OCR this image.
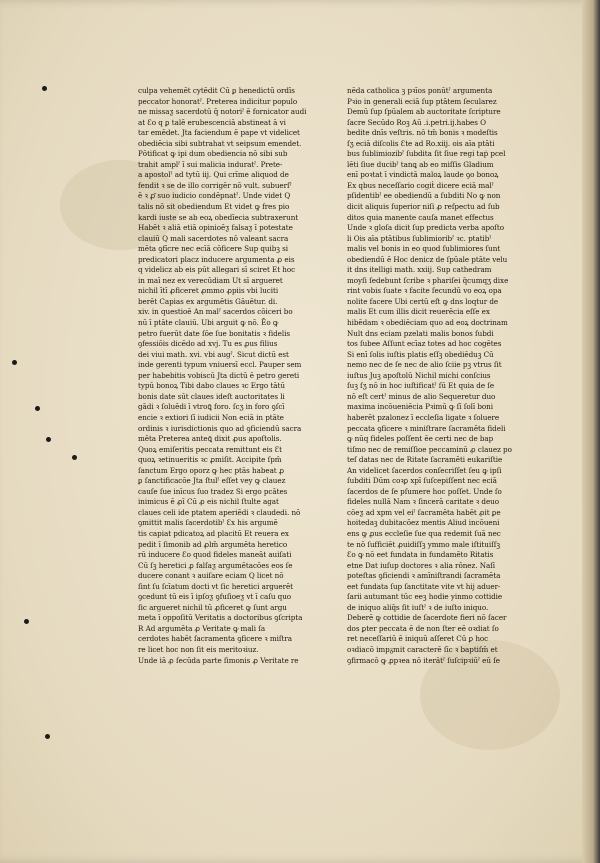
culpa vehemēt cytēdit Cū ꝑ henedictū ordīs
peccator honoratˀ. Preterea indicitur populo
ne missaƺ sacerdotū q̄ notoriˀ ē fornicator audi
at Ɛo q ꝑ talē erubescenciā abstineat ā vi
tar emēdet. Jta faciendum ē pape vt videlicet
obediēcia sibi subtrahat vt seipsum emendet.
Pōtificat ꝙ ipi dum obediencia nō sibi sub
trahit amplˀ ī sui malicia induratˀ. Prete-
a apostolˀ ad tytū iij. Qui crīme aliquod de
fendit ꝛ se de illo corrigēr nō vult. subuerſˀ
ē ꝛ ꝓ̄ suo iudicio condēpnatˀ. Unde videt Q
talis nō sit obediendum Et videt ꝙ fres pio
kardi iuste se ab eoꝝ obedīecia subtraxerunt
Habēt ꝛ aliā etiā opinioēƺ falsaƺ ī potestate
clauiū Q mali sacerdotes nō valeant sacra
mēta ꝯfīcre nec ecīā cōficere Sup quibꝫ si
predicatori placz inducere argumenta ꝓ eis
q videlicz ab eis pūt allegari sī sciret Et hoc
in maī nez ex verecūdiam Ut sī argueret
nichil ītī ꝓficeret ꝓmmo ꝓpiis vbi luciti
berēt Capias ex argumētis Gāuētur. di.
xiv. in questioē An malˀ sacerdos cōiceri bo
nū ī ptāte clauiū. Ubi arguit ꝙ nō. Ēo ꝙ
petro fuerūt date ſōe ſue bonitatis ꝛ fidelis
ꝯfessiōis dicēdo ad xvj. Tu es ꝓus filius
dei viui math. xvi. vbi augˀ. Sicut dictū est
inde gerenti typum vniuersī eccl. Pauper sem
per habebitis vobiscū Jta dictū ē petro gereti
typū bonoꝝ Tibi dabo claues ꝛc Ergo tātū
bonis date sūt claues ideſt auctoritates li
gādi ꝛ ſoluēdi ī vtroꝗ̄ foro. ſcʒ in foro ꝯſcī
encie ꝛ extiori ſī iudicii Non eciā in ptāte
ordinis ꝛ iurisdictionis quo ad ꝯficiendū sacra
mēta Preterea anteꝗ̄ dixit ꝓus apoſtolis.
Quoꝝ emiſeritis peccata remittunt eis Ɛt
quoꝝ ꝛetinueritis ꝛc ꝓmiſit. Accipite ſpm̄
ſanctum Ergo oporz ꝙ hec ptās habeat ꝓ
ꝑ ſanctificacōe Jta ſtulˀ eſſet vey ꝙ clauez
cauſe ſue inīcus ſuo tradez Si ergo pcātes
inimicus ē ꝓī Cū ꝓ eis nichil ſtulte agat
claues celi ide ptatem aperiēdi ꝛ claudedi. nō
ꝯmittit malis ſacerdotibˀ Ɛx his argumē
tis capiat pdicatoꝝ ad placitū Et reuera ex
pedit ī ſimonib ad ꝓlm̄ argumēta heretico
rū inducere Ɛo quod fideles maneāt auiſati
Cū ſꝫ heretici ꝓ falſaƺ argumētacōes eos ſe
ducere conant ꝛ auiſare eciam Q licet nō
ſint ſu ſcīatum docti vt ſic heretici arguerēt
ꝯcedunt tū eis ī ipſoƺ ꝯfuſioeƺ vt ī caſu quo
ſic argueret nichil tū ꝓficeret ꝙ ſunt argu
meta ī oppoſitū Veritatis a doctoribus ꝯſcripta
R Ad argumēta ꝓ Veritate ꝙ mali ſa
cerdotes habēt ſacramenta ꝯficere ꝛ miſtra
re licet hoc non ſit eis meritoꝛiuz.
Unde iā ꝓ ſecūda parte ſimonis ꝓ Veritate re
nēda catholica ꝫ pꝛīos ponūtˀ argumenta
Pꝛio in generali eciā ſup ptātem ſecularez
Demū ſup ſpūalem ab auctoritate ſcripture
ſacre Secūdo Roꝫ Aū .i.petri.ij.habes O
bedite dnīs veſtris. nō tm̄ bonis ꝛ modeſtis
ſʒ eciā diſcolis Ɛte ad Ro.xiij. ois aīa ptāti
bus ſublimiozibˀ ſubdita ſit ſiue regi taṗ pcel
lēti ſiue ducibˀ tanꝗ ab eo miſſis Gladium
enī poꝛtat ī vindictā maloꝝ laude ꝯo bonoꝝ
Ex qbus neceſſario cogiṫ dicere eciā malˀ
pſidentibˀ ee obediendū a ſubditi No ꝙ non
dicit aliquis ſuperior niſi ꝓ reſpectu ad ſub
ditos quia manente cauſa manet effectus
Unde ꝛ gloſa dicit ſup predicta verba apoſto
li Ois aīa ptātibus ſublimioribˀ ꝛc. ptatibˀ
malis vel bonis in eo quod ſublimiores ſunt
obediendū ē Hoc denicz de ſpūale ptāte velu
it dns itelligi math. xxiij. Sup cathedram
moyſi ſedebunt ſcribe ꝛ phariſei q̄cumqʒ dixe
rint vobis ſuate ꝛ facite ſecundū vo eoꝝ opa
nolite facere Ubi certū eſt ꝙ dns loqtur de
malis Et cum illis dicit reuerēcia eſſe ex
hibēdam ꝛ obediēciam quo ad eoꝝ doctrinam
Nult dns eciam pzelati malis bonos ſubdi
tos ſubee Aſſunt ecīaz totes ad hoc cogētes
Si enī ſolis iuſtis platis eſſꝫ obediēduꝫ Cū
nemo nec de ſe nec de alio ſciie pꝫ vtrus ſit
iuſtus Juꝫ apoſtolū Nichil michi conſcius
ſuꝫ ſʒ nō in hoc iuſtificatˀ ſū Et quia de ſe
nō eſt certˀ minus de alio Sequeretur duo
maxima incōueniēcia Pꝛimū ꝙ ſī ſolī boni
haberēt pzalonez ī eccleſia ligate ꝛ ſoluere
peccata ꝯficere ꝛ miniſtrare ſacramēta fideli
ꝙ nūq fideles poſſent ēe certi nec de bap
tiſmo nec de remiſſioe peccaminū ꝓ clauez po
teſ datas nec de Ritate ſacramēti eukariſtie
An videlicet ſacerdos conſecriſſet ſeu ꝙ ipſi
ſubditi Dūm coꝛꝑ xpī ſuſcepiſſent nec eciā
ſacerdos de ſe pſumere hoc poſſet. Unde ſo
fideles nullā Nam ꝛ ſincerā caritate ꝛ deuo
cōeƺ ad xpm vel eiˀ ſacramēta habēt ꝓit ꝑe
hoitedaꝫ dubitacōez mentis Aliud incōueni
ens ꝙ ꝓus eccleſie ſue qua redemit ſuā nec
te nō ſufficiēt ꝓuidiſſꝫ ymmo male iſtituiſſꝫ
Ɛo ꝙ nō eet fundata in fundamēto Ritatis
etne Dat iuſup doctores ꝛ alia rōnez. Naſī
poteſtas ꝯficiendi ꝛ amīniſtrandi ſacramēta
eet fundata ſup ſanctitate vite vt hij aduer-
ſarii autumant tūc eeꝫ hodie yinmo cottidie
de iniquo aliq̄s ſit iuſtˀ ꝛ de iuſto iniquo.
Deberē ꝙ cottidie de ſacerdote fieri nō ſacer
dos ꝑter peccata ē de non ſter eē oꝛdiat ſo
ret neceſſariū ē iniquū aſſeret Cū ꝑ hoc
oꝛdiacō impᵹmit caracterē ſīc ꝛ baptiſm̄ et
ꝯfirmacō ꝙ ꝓpꝛea nō iterātˀ ſuſcipꝛiūˀ eū ſe
